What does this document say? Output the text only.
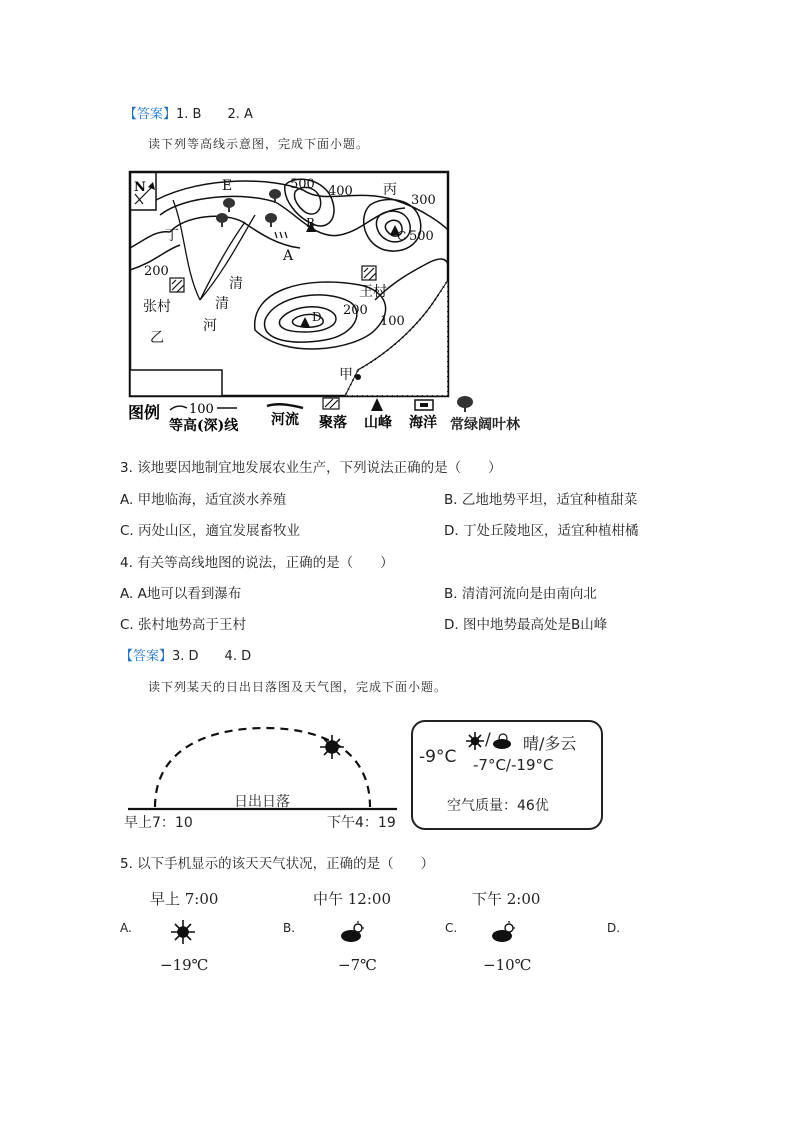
【答案】1. B　　2. A
读下列等高线示意图，完成下面小题。
N	E
丁
丙
B
A
C
D
张村
乙
王村
甲
清
清
河
500 400
300
500
200
200
100
图例 100
等高(深)线 河流 聚落 山峰 海洋 常绿阔叶林
3. 该地要因地制宜地发展农业生产，下列说法正确的是（　　）
A. 甲地临海，适宜淡水养殖	B. 乙地地势平坦，适宜种植甜菜
C. 丙处山区，適宜发展畜牧业	D. 丁处丘陵地区，适宜种植柑橘
4. 有关等高线地图的说法，正确的是（　　）
A. A地可以看到瀑布	B. 清清河流向是由南向北
C. 张村地势高于王村	D. 图中地势最高处是B山峰
【答案】3. D　　4. D
读下列某天的日出日落图及天气图，完成下面小题。
日出日落
早上7：10	下午4：19
-9°C
/ 晴/多云
-7°C/-19°C
空气质量：46优
5. 以下手机显示的该天天气状况，正确的是（　　）
早上 7:00	中午 12:00	下午 2:00
A.	B.	C.	D.
−19℃	−7℃	−10℃
